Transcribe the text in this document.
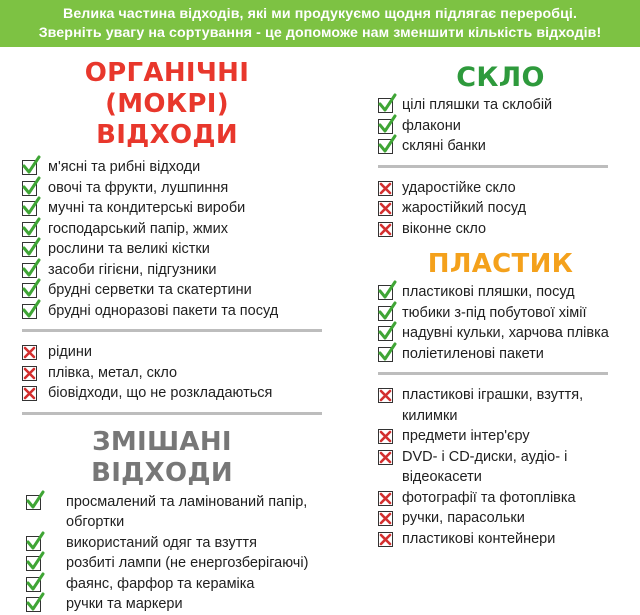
Велика частина відходів, які ми продукуємо щодня підлягає переробці.
Зверніть увагу на сортування - це допоможе нам зменшити кількість відходів!
ОРГАНІЧНІ (МОКРІ)
ВІДХОДИ
м'ясні та рибні відходи
овочі та фрукти, лушпиння
мучні та кондитерські вироби
господарський папір, жмих
рослини та великі кістки
засоби гігієни, підгузники
брудні серветки та скатертини
брудні одноразові пакети та посуд
рідини
плівка, метал, скло
біовідходи, що не розкладаються
ЗМІШАНІ ВІДХОДИ
просмалений та ламінований папір, обгортки
використаний одяг та взуття
розбиті лампи (не енергозберігаючі)
фаянс, фарфор та кераміка
ручки та маркери
СКЛО
цілі пляшки та склобій
флакони
скляні банки
ударостійке скло
жаростійкий посуд
віконне скло
ПЛАСТИК
пластикові пляшки, посуд
тюбики з-під побутової хімії
надувні кульки, харчова плівка
поліетиленові пакети
пластикові іграшки, взуття, килимки
предмети інтер'єру
DVD- і CD-диски, аудіо- і відеокасети
фотографії та фотоплівка
ручки, парасольки
пластикові контейнери
